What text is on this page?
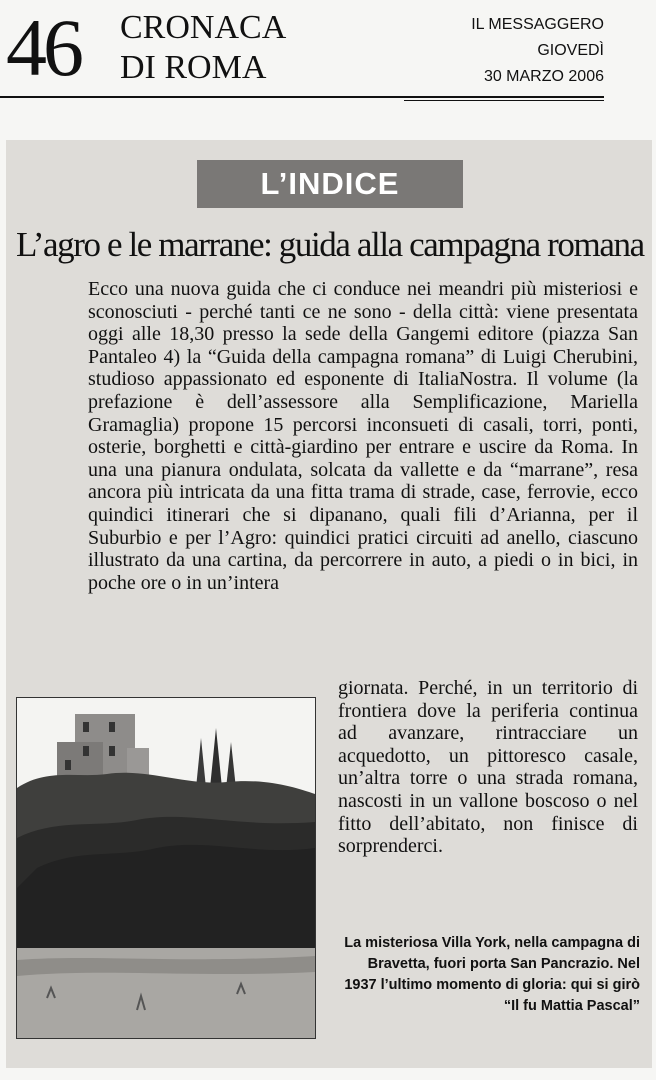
46 CRONACA
DI ROMA
IL MESSAGGERO
GIOVEDÌ
30 MARZO 2006
L’INDICE
L’agro e le marrane: guida alla campagna romana
Ecco una nuova guida che ci conduce nei meandri più misteriosi e sconosciuti - perché tanti ce ne sono - della città: viene presentata oggi alle 18,30 presso la sede della Gangemi editore (piazza San Pantaleo 4) la “Guida della campagna romana” di Luigi Cherubini, studioso appassionato ed esponente di ItaliaNostra. Il volume (la prefazione è dell’assessore alla Semplificazione, Mariella Gramaglia) propone 15 percorsi inconsueti di casali, torri, ponti, osterie, borghetti e città-giardino per entrare e uscire da Roma. In una una pianura ondulata, solcata da vallette e da “marrane”, resa ancora più intricata da una fitta trama di strade, case, ferrovie, ecco quindici itinerari che si dipanano, quali fili d’Arianna, per il Suburbio e per l’Agro: quindici pratici circuiti ad anello, ciascuno illustrato da una cartina, da percorrere in auto, a piedi o in bici, in poche ore o in un’intera
giornata. Perché, in un territorio di frontiera dove la periferia continua ad avanzare, rintracciare un acquedotto, un pittoresco casale, un’altra torre o una strada romana, nascosti in un vallone boscoso o nel fitto dell’abitato, non finisce di sorprenderci.
La misteriosa Villa York, nella campagna di Bravetta, fuori porta San Pancrazio. Nel 1937 l’ultimo momento di gloria: qui si girò “Il fu Mattia Pascal”
